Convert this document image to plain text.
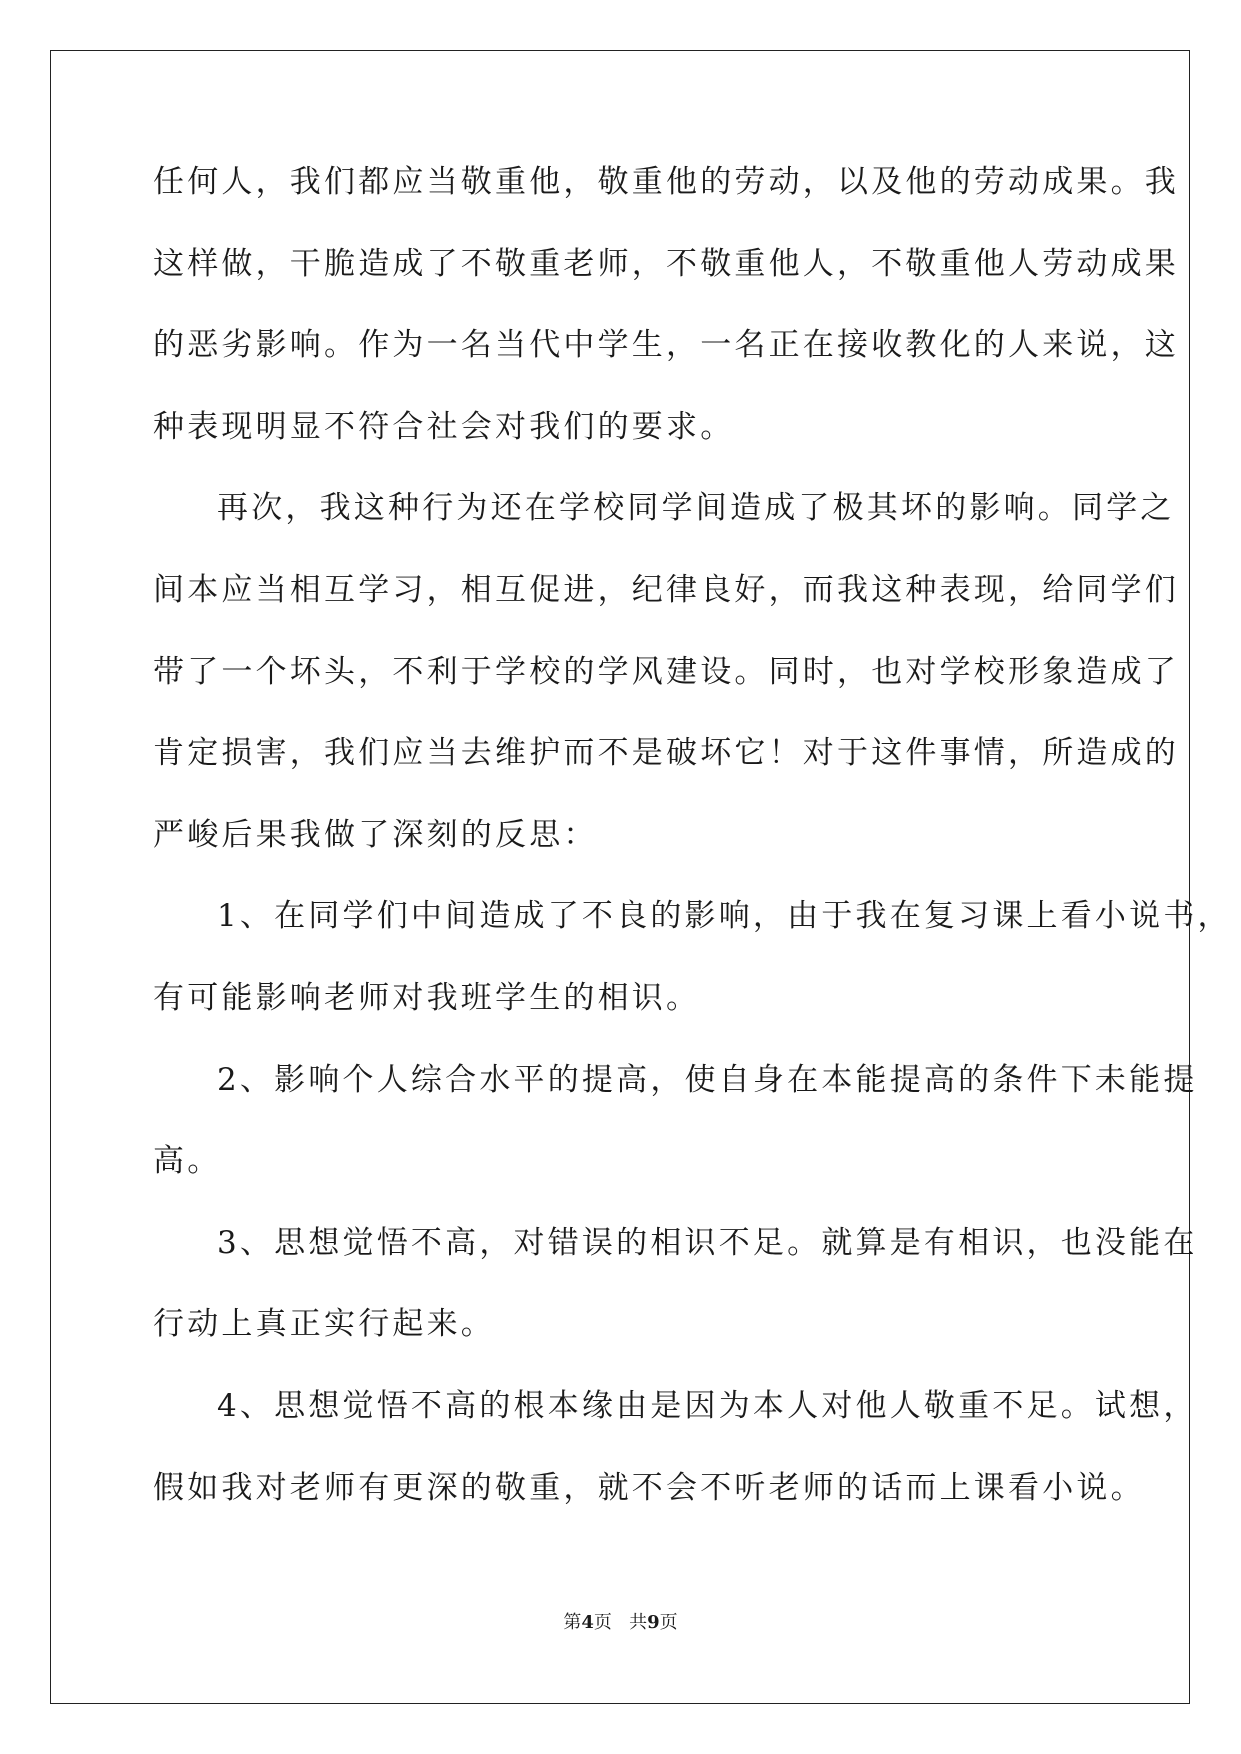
任何人，我们都应当敬重他，敬重他的劳动，以及他的劳动成果。我
这样做，干脆造成了不敬重老师，不敬重他人，不敬重他人劳动成果
的恶劣影响。作为一名当代中学生，一名正在接收教化的人来说，这
种表现明显不符合社会对我们的要求。
再次，我这种行为还在学校同学间造成了极其坏的影响。同学之
间本应当相互学习，相互促进，纪律良好，而我这种表现，给同学们
带了一个坏头，不利于学校的学风建设。同时，也对学校形象造成了
肯定损害，我们应当去维护而不是破坏它！对于这件事情，所造成的
严峻后果我做了深刻的反思：
1、在同学们中间造成了不良的影响，由于我在复习课上看小说书，
有可能影响老师对我班学生的相识。
2、影响个人综合水平的提高，使自身在本能提高的条件下未能提
高。
3、思想觉悟不高，对错误的相识不足。就算是有相识，也没能在
行动上真正实行起来。
4、思想觉悟不高的根本缘由是因为本人对他人敬重不足。试想，
假如我对老师有更深的敬重，就不会不听老师的话而上课看小说。
第4页 共9页
